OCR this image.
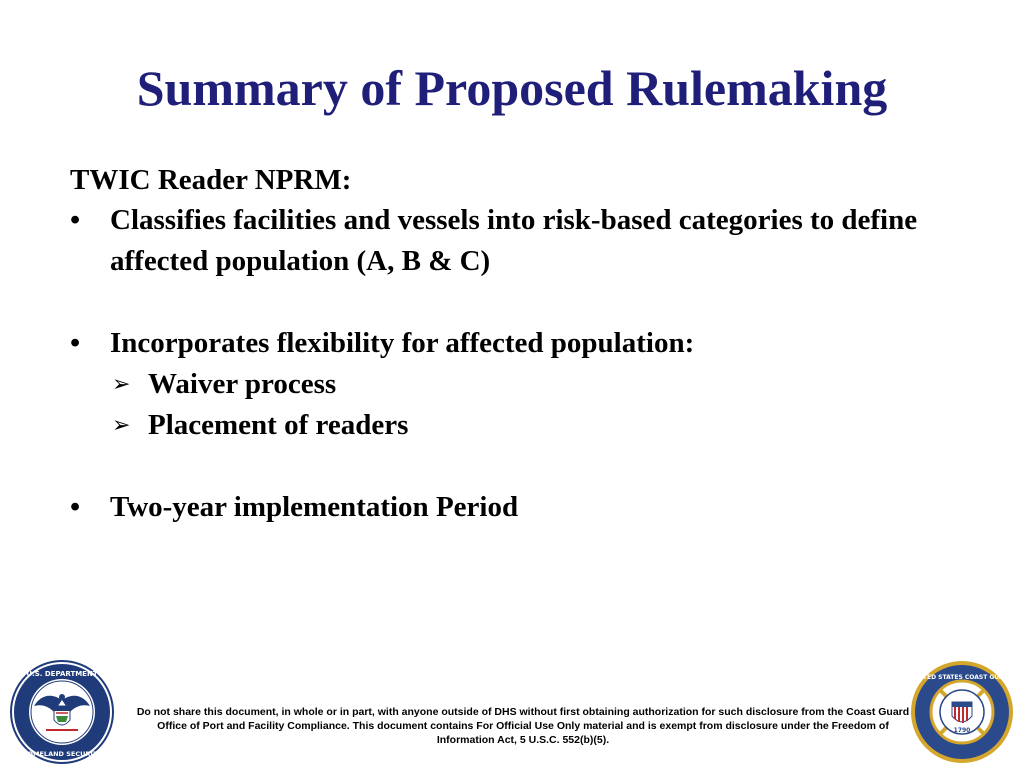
Summary of Proposed Rulemaking
TWIC Reader NPRM:
• Classifies facilities and vessels into risk-based categories to define affected population (A, B & C)
• Incorporates flexibility for affected population:
➢ Waiver process
➢ Placement of readers
• Two-year implementation Period
U.S. DEPARTMENT
HOMELAND SECURITY
Do not share this document, in whole or in part, with anyone outside of DHS without first obtaining authorization for such disclosure from the Coast Guard Office of Port and Facility Compliance. This document contains For Official Use Only material and is exempt from disclosure under the Freedom of Information Act, 5 U.S.C. 552(b)(5).
UNITED STATES COAST GUARD
1790
